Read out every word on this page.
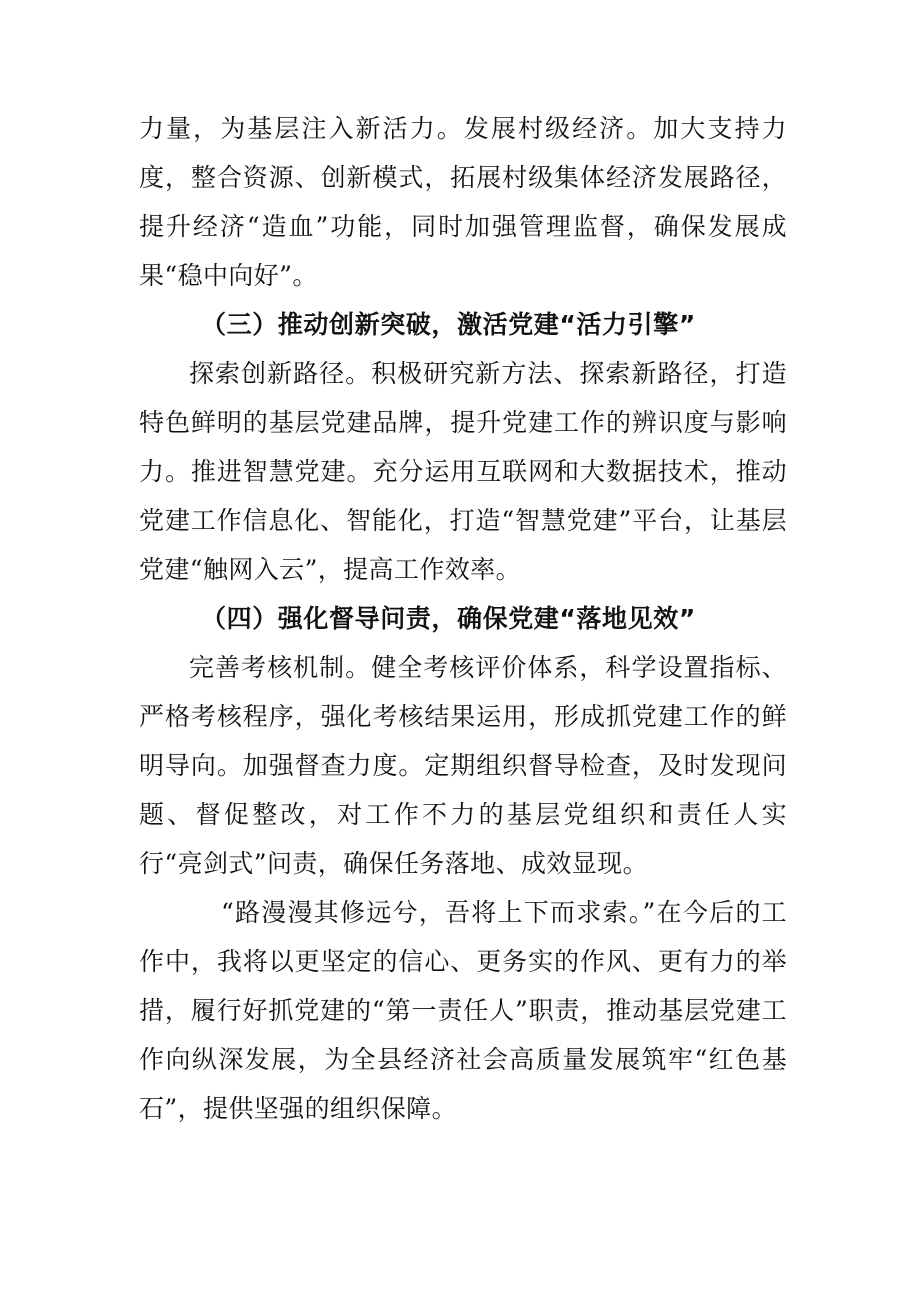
力量，为基层注入新活力。发展村级经济。加大支持力度，整合资源、创新模式，拓展村级集体经济发展路径，提升经济“造血”功能，同时加强管理监督，确保发展成果“稳中向好”。

（三）推动创新突破，激活党建“活力引擎”

探索创新路径。积极研究新方法、探索新路径，打造特色鲜明的基层党建品牌，提升党建工作的辨识度与影响力。推进智慧党建。充分运用互联网和大数据技术，推动党建工作信息化、智能化，打造“智慧党建”平台，让基层党建“触网入云”，提高工作效率。

（四）强化督导问责，确保党建“落地见效”

完善考核机制。健全考核评价体系，科学设置指标、严格考核程序，强化考核结果运用，形成抓党建工作的鲜明导向。加强督查力度。定期组织督导检查，及时发现问题、督促整改，对工作不力的基层党组织和责任人实行“亮剑式”问责，确保任务落地、成效显现。

“路漫漫其修远兮，吾将上下而求索。”在今后的工作中，我将以更坚定的信心、更务实的作风、更有力的举措，履行好抓党建的“第一责任人”职责，推动基层党建工作向纵深发展，为全县经济社会高质量发展筑牢“红色基石”，提供坚强的组织保障。
